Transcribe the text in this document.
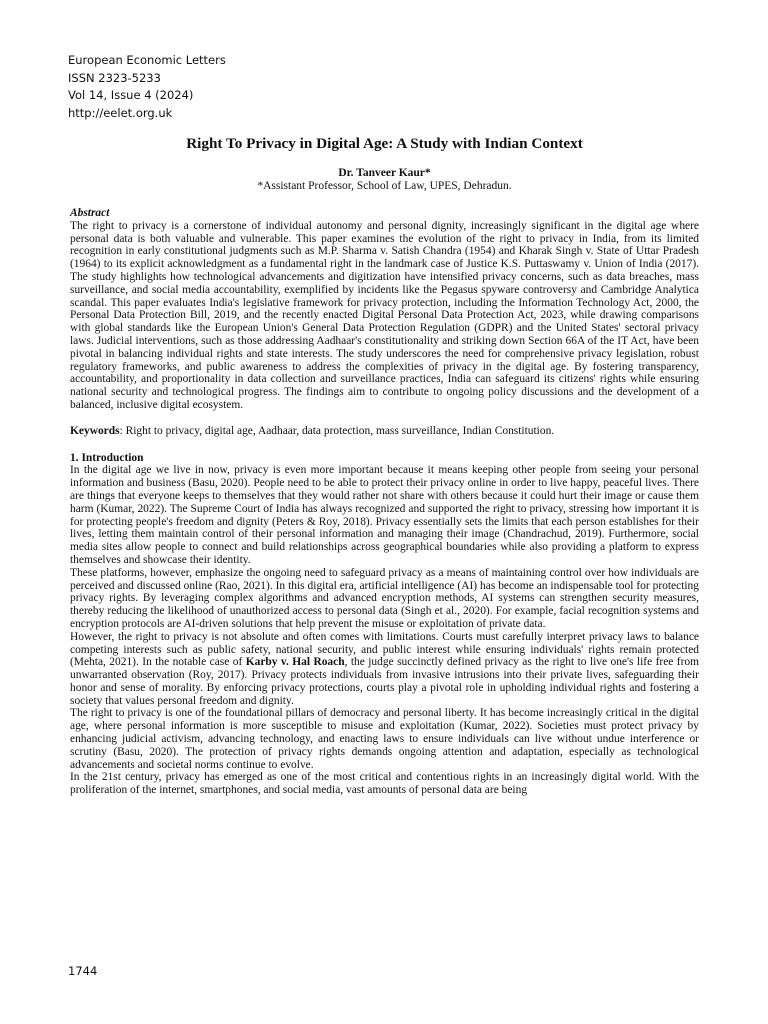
European Economic Letters
ISSN 2323-5233
Vol 14, Issue 4 (2024)
http://eelet.org.uk
Right To Privacy in Digital Age: A Study with Indian Context
Dr. Tanveer Kaur*
*Assistant Professor, School of Law, UPES, Dehradun.
Abstract

The right to privacy is a cornerstone of individual autonomy and personal dignity, increasingly significant in the digital age where personal data is both valuable and vulnerable. This paper examines the evolution of the right to privacy in India, from its limited recognition in early constitutional judgments such as M.P. Sharma v. Satish Chandra (1954) and Kharak Singh v. State of Uttar Pradesh (1964) to its explicit acknowledgment as a fundamental right in the landmark case of Justice K.S. Puttaswamy v. Union of India (2017). The study highlights how technological advancements and digitization have intensified privacy concerns, such as data breaches, mass surveillance, and social media accountability, exemplified by incidents like the Pegasus spyware controversy and Cambridge Analytica scandal. This paper evaluates India's legislative framework for privacy protection, including the Information Technology Act, 2000, the Personal Data Protection Bill, 2019, and the recently enacted Digital Personal Data Protection Act, 2023, while drawing comparisons with global standards like the European Union's General Data Protection Regulation (GDPR) and the United States' sectoral privacy laws. Judicial interventions, such as those addressing Aadhaar's constitutionality and striking down Section 66A of the IT Act, have been pivotal in balancing individual rights and state interests. The study underscores the need for comprehensive privacy legislation, robust regulatory frameworks, and public awareness to address the complexities of privacy in the digital age. By fostering transparency, accountability, and proportionality in data collection and surveillance practices, India can safeguard its citizens' rights while ensuring national security and technological progress. The findings aim to contribute to ongoing policy discussions and the development of a balanced, inclusive digital ecosystem.

Keywords: Right to privacy, digital age, Aadhaar, data protection, mass surveillance, Indian Constitution.

1. Introduction

In the digital age we live in now, privacy is even more important because it means keeping other people from seeing your personal information and business (Basu, 2020). People need to be able to protect their privacy online in order to live happy, peaceful lives. There are things that everyone keeps to themselves that they would rather not share with others because it could hurt their image or cause them harm (Kumar, 2022). The Supreme Court of India has always recognized and supported the right to privacy, stressing how important it is for protecting people's freedom and dignity (Peters & Roy, 2018). Privacy essentially sets the limits that each person establishes for their lives, letting them maintain control of their personal information and managing their image (Chandrachud, 2019). Furthermore, social media sites allow people to connect and build relationships across geographical boundaries while also providing a platform to express themselves and showcase their identity.

These platforms, however, emphasize the ongoing need to safeguard privacy as a means of maintaining control over how individuals are perceived and discussed online (Rao, 2021). In this digital era, artificial intelligence (AI) has become an indispensable tool for protecting privacy rights. By leveraging complex algorithms and advanced encryption methods, AI systems can strengthen security measures, thereby reducing the likelihood of unauthorized access to personal data (Singh et al., 2020). For example, facial recognition systems and encryption protocols are AI-driven solutions that help prevent the misuse or exploitation of private data.

However, the right to privacy is not absolute and often comes with limitations. Courts must carefully interpret privacy laws to balance competing interests such as public safety, national security, and public interest while ensuring individuals' rights remain protected (Mehta, 2021). In the notable case of Karby v. Hal Roach, the judge succinctly defined privacy as the right to live one's life free from unwarranted observation (Roy, 2017). Privacy protects individuals from invasive intrusions into their private lives, safeguarding their honor and sense of morality. By enforcing privacy protections, courts play a pivotal role in upholding individual rights and fostering a society that values personal freedom and dignity.

The right to privacy is one of the foundational pillars of democracy and personal liberty. It has become increasingly critical in the digital age, where personal information is more susceptible to misuse and exploitation (Kumar, 2022). Societies must protect privacy by enhancing judicial activism, advancing technology, and enacting laws to ensure individuals can live without undue interference or scrutiny (Basu, 2020). The protection of privacy rights demands ongoing attention and adaptation, especially as technological advancements and societal norms continue to evolve.

In the 21st century, privacy has emerged as one of the most critical and contentious rights in an increasingly digital world. With the proliferation of the internet, smartphones, and social media, vast amounts of personal data are being

1744
